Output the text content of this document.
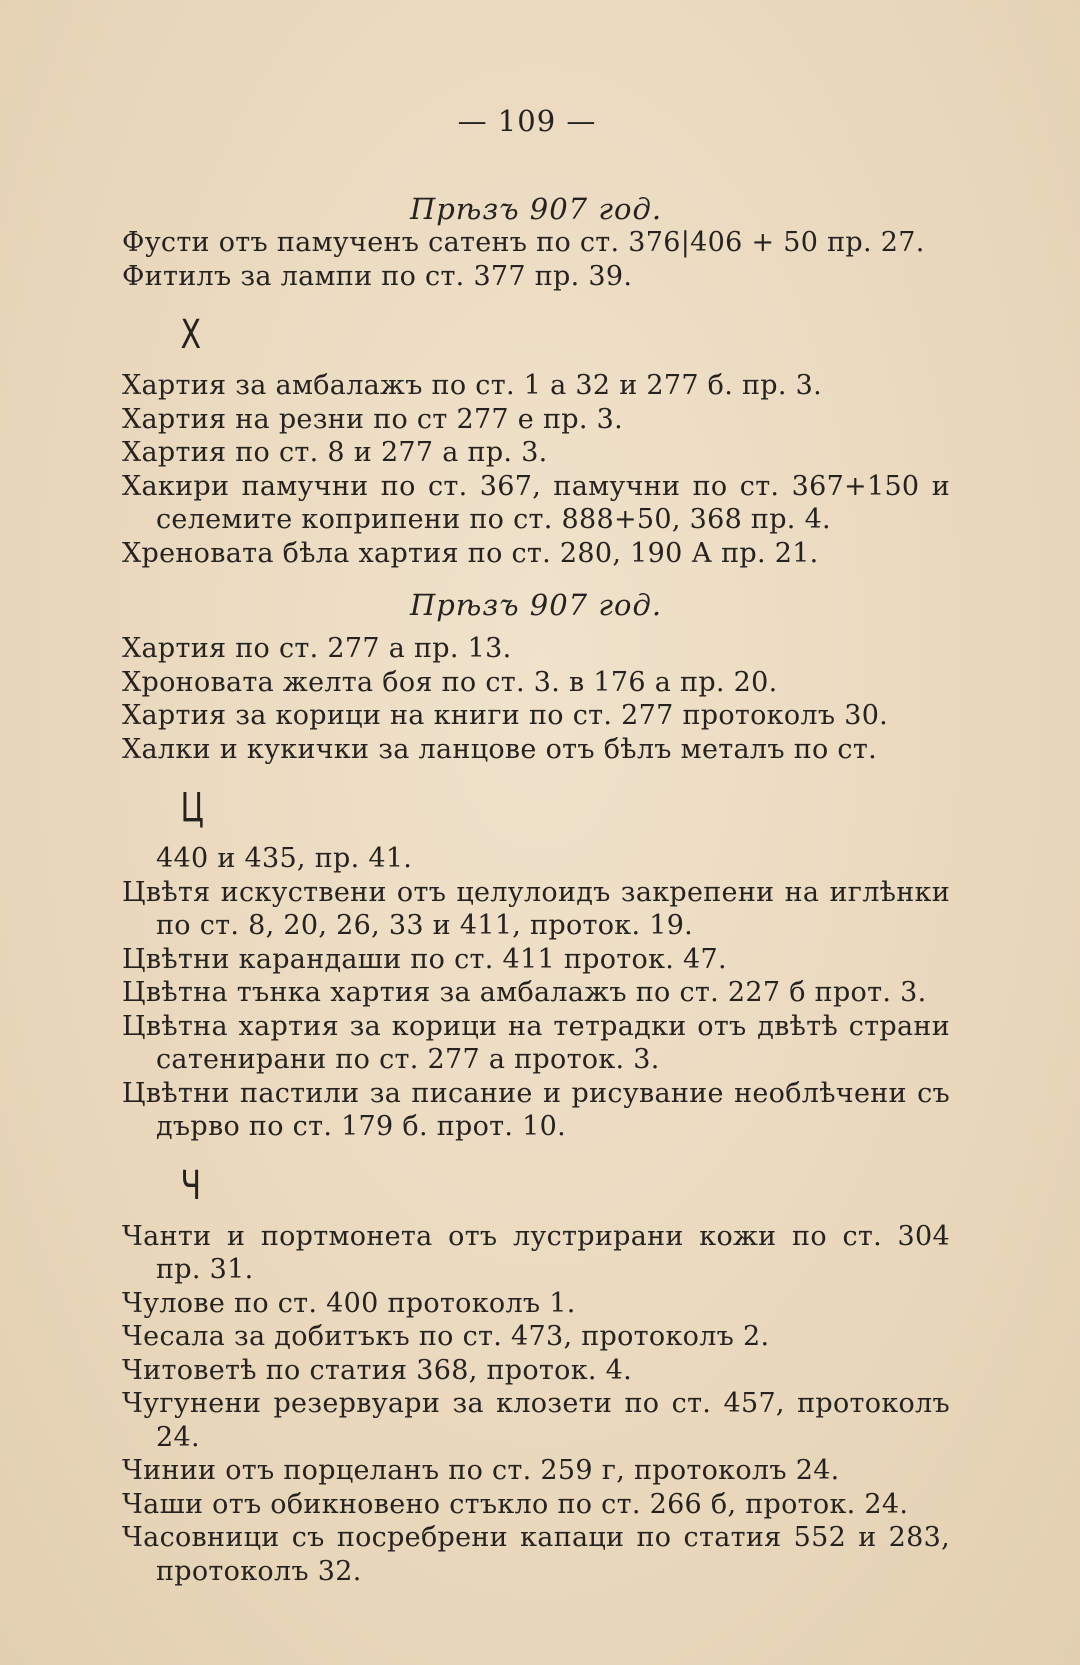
— 109 —
Прѣзъ 907 год.

Фусти отъ памученъ сатенъ по ст. 376|406 + 50 пр. 27.

Фитилъ за лампи по ст. 377 пр. 39.

Х

Хартия за амбалажъ по ст. 1 а 32 и 277 б. пр. 3.

Хартия на резни по ст 277 е пр. 3.

Хартия по ст. 8 и 277 а пр. 3.

Хакири памучни по ст. 367, памучни по ст. 367+150 и селемите коприпени по ст. 888+50, 368 пр. 4.

Хреновата бѣла хартия по ст. 280, 190 А пр. 21.

Прѣзъ 907 год.

Хартия по ст. 277 а пр. 13.

Хроновата желта боя по ст. 3. в 176 а пр. 20.

Хартия за корици на книги по ст. 277 протоколъ 30.

Халки и кукички за ланцове отъ бѣлъ металъ по ст.

Ц

440 и 435, пр. 41.

Цвѣтя искуствени отъ целулоидъ закрепени на иглѣнки по ст. 8, 20, 26, 33 и 411, проток. 19.

Цвѣтни карандаши по ст. 411 проток. 47.

Цвѣтна тънка хартия за амбалажъ по ст. 227 б прот. 3.

Цвѣтна хартия за корици на тетрадки отъ двѣтѣ страни сатенирани по ст. 277 а проток. 3.

Цвѣтни пастили за писание и рисувание необлѣчени съ дърво по ст. 179 б. прот. 10.

Ч

Чанти и портмонета отъ лустрирани кожи по ст. 304 пр. 31.

Чулове по ст. 400 протоколъ 1.

Чесала за добитъкъ по ст. 473, протоколъ 2.

Читоветѣ по статия 368, проток. 4.

Чугунени резервуари за клозети по ст. 457, протоколъ 24.

Чинии отъ порцеланъ по ст. 259 г, протоколъ 24.

Чаши отъ обикновено стъкло по ст. 266 б, проток. 24.

Часовници съ посребрени капаци по статия 552 и 283, протоколъ 32.
